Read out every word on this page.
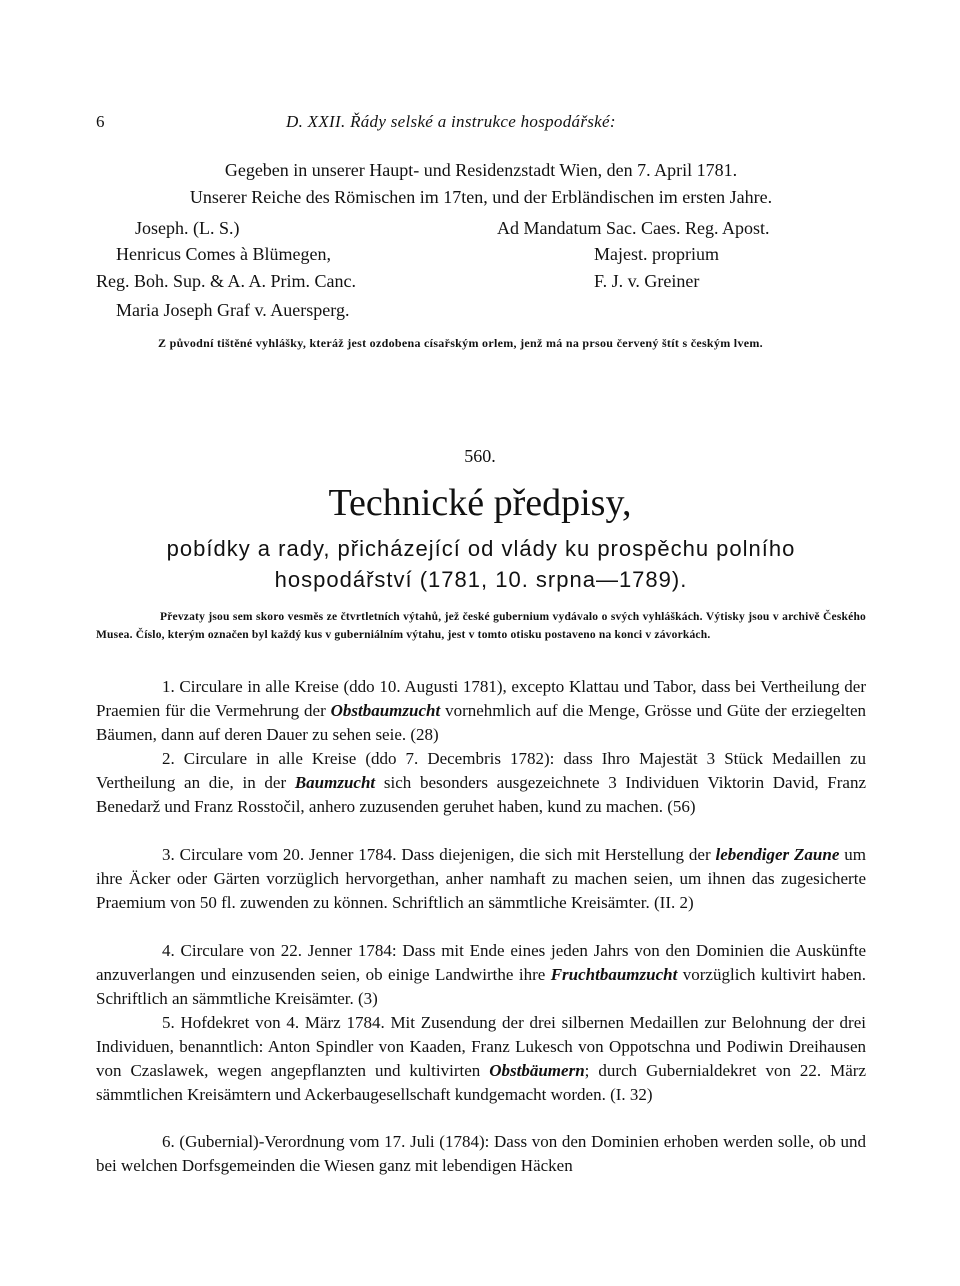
6	D. XXII. Řády selské a instrukce hospodářské:
Gegeben in unserer Haupt- und Residenzstadt Wien, den 7. April 1781.
Unserer Reiche des Römischen im 17ten, und der Erbländischen im ersten Jahre.
Joseph. (L. S.)
Henricus Comes à Blümegen,
Reg. Boh. Sup. & A. A. Prim. Canc.
Maria Joseph Graf v. Auersperg.
Ad Mandatum Sac. Caes. Reg. Apost.
Majest. proprium
F. J. v. Greiner
Z původní tištěné vyhlášky, kteráž jest ozdobena císařským orlem, jenž má na prsou červený štít s českým lvem.
560.
Technické předpisy,
pobídky a rady, přicházející od vlády ku prospěchu polního hospodářství (1781, 10. srpna—1789).
Převzaty jsou sem skoro vesměs ze čtvrtletních výtahů, jež české gubernium vydávalo o svých vyhláškách. Výtisky jsou v archivě Českého Musea. Číslo, kterým označen byl každý kus v guberniálním výtahu, jest v tomto otisku postaveno na konci v závorkách.
1. Circulare in alle Kreise (ddo 10. Augusti 1781), excepto Klattau und Tabor, dass bei Vertheilung der Praemien für die Vermehrung der Obstbaumzucht vornehmlich auf die Menge, Grösse und Güte der erziegelten Bäumen, dann auf deren Dauer zu sehen seie. (28)
2. Circulare in alle Kreise (ddo 7. Decembris 1782): dass Ihro Majestät 3 Stück Medaillen zu Vertheilung an die, in der Baumzucht sich besonders ausgezeichnete 3 Individuen Viktorin David, Franz Benedarž und Franz Rosstočil, anhero zuzusenden geruhet haben, kund zu machen. (56)
3. Circulare vom 20. Jenner 1784. Dass diejenigen, die sich mit Herstellung der lebendiger Zaune um ihre Äcker oder Gärten vorzüglich hervorgethan, anher namhaft zu machen seien, um ihnen das zugesicherte Praemium von 50 fl. zuwenden zu können. Schriftlich an sämmtliche Kreisämter. (II. 2)
4. Circulare von 22. Jenner 1784: Dass mit Ende eines jeden Jahrs von den Dominien die Auskünfte anzuverlangen und einzusenden seien, ob einige Landwirthe ihre Fruchtbaumzucht vorzüglich kultivirt haben. Schriftlich an sämmtliche Kreisämter. (3)
5. Hofdekret von 4. März 1784. Mit Zusendung der drei silbernen Medaillen zur Belohnung der drei Individuen, benanntlich: Anton Spindler von Kaaden, Franz Lukesch von Oppotschna und Podiwin Dreihausen von Czaslawek, wegen angepflanzten und kultivirten Obstbäumern; durch Gubernialdekret von 22. März sämmtlichen Kreisämtern und Ackerbaugesellschaft kundgemacht worden. (I. 32)
6. (Gubernial)-Verordnung vom 17. Juli (1784): Dass von den Dominien erhoben werden solle, ob und bei welchen Dorfsgemeinden die Wiesen ganz mit lebendigen Häcken
